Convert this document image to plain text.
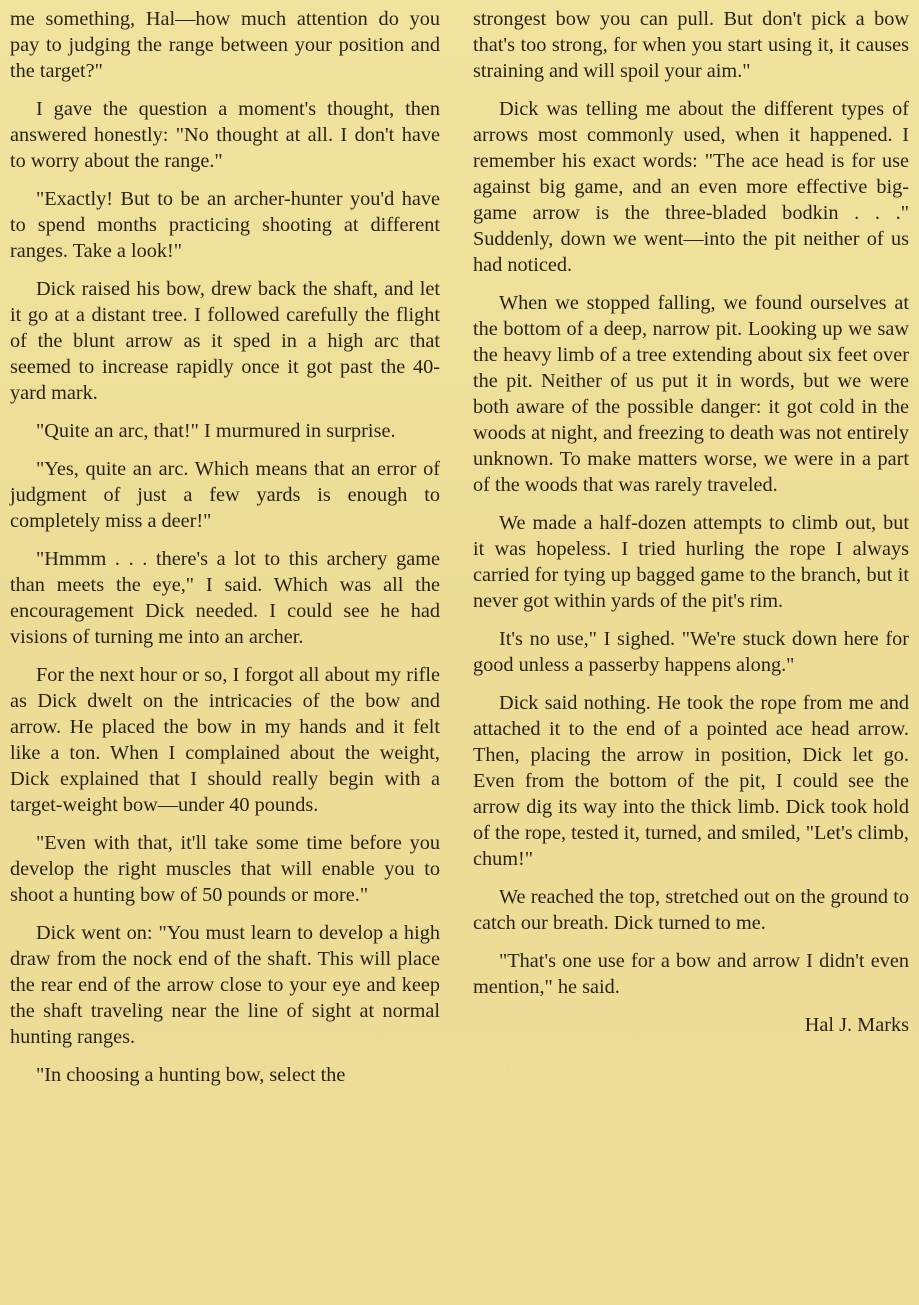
me something, Hal—how much attention do you pay to judging the range between your position and the target?"

I gave the question a moment's thought, then answered honestly: "No thought at all. I don't have to worry about the range."

"Exactly! But to be an archer-hunter you'd have to spend months practicing shooting at different ranges. Take a look!"

Dick raised his bow, drew back the shaft, and let it go at a distant tree. I followed carefully the flight of the blunt arrow as it sped in a high arc that seemed to increase rapidly once it got past the 40-yard mark.

"Quite an arc, that!" I murmured in surprise.

"Yes, quite an arc. Which means that an error of judgment of just a few yards is enough to completely miss a deer!"

"Hmmm . . . there's a lot to this archery game than meets the eye," I said. Which was all the encouragement Dick needed. I could see he had visions of turning me into an archer.

For the next hour or so, I forgot all about my rifle as Dick dwelt on the intricacies of the bow and arrow. He placed the bow in my hands and it felt like a ton. When I complained about the weight, Dick explained that I should really begin with a target-weight bow—under 40 pounds.

"Even with that, it'll take some time before you develop the right muscles that will enable you to shoot a hunting bow of 50 pounds or more."

Dick went on: "You must learn to develop a high draw from the nock end of the shaft. This will place the rear end of the arrow close to your eye and keep the shaft traveling near the line of sight at normal hunting ranges.

"In choosing a hunting bow, select the

strongest bow you can pull. But don't pick a bow that's too strong, for when you start using it, it causes straining and will spoil your aim."

Dick was telling me about the different types of arrows most commonly used, when it happened. I remember his exact words: "The ace head is for use against big game, and an even more effective big-game arrow is the three-bladed bodkin . . ." Suddenly, down we went—into the pit neither of us had noticed.

When we stopped falling, we found ourselves at the bottom of a deep, narrow pit. Looking up we saw the heavy limb of a tree extending about six feet over the pit. Neither of us put it in words, but we were both aware of the possible danger: it got cold in the woods at night, and freezing to death was not entirely unknown. To make matters worse, we were in a part of the woods that was rarely traveled.

We made a half-dozen attempts to climb out, but it was hopeless. I tried hurling the rope I always carried for tying up bagged game to the branch, but it never got within yards of the pit's rim.

It's no use," I sighed. "We're stuck down here for good unless a passerby happens along."

Dick said nothing. He took the rope from me and attached it to the end of a pointed ace head arrow. Then, placing the arrow in position, Dick let go. Even from the bottom of the pit, I could see the arrow dig its way into the thick limb. Dick took hold of the rope, tested it, turned, and smiled, "Let's climb, chum!"

We reached the top, stretched out on the ground to catch our breath. Dick turned to me.

"That's one use for a bow and arrow I didn't even mention," he said.

Hal J. Marks
